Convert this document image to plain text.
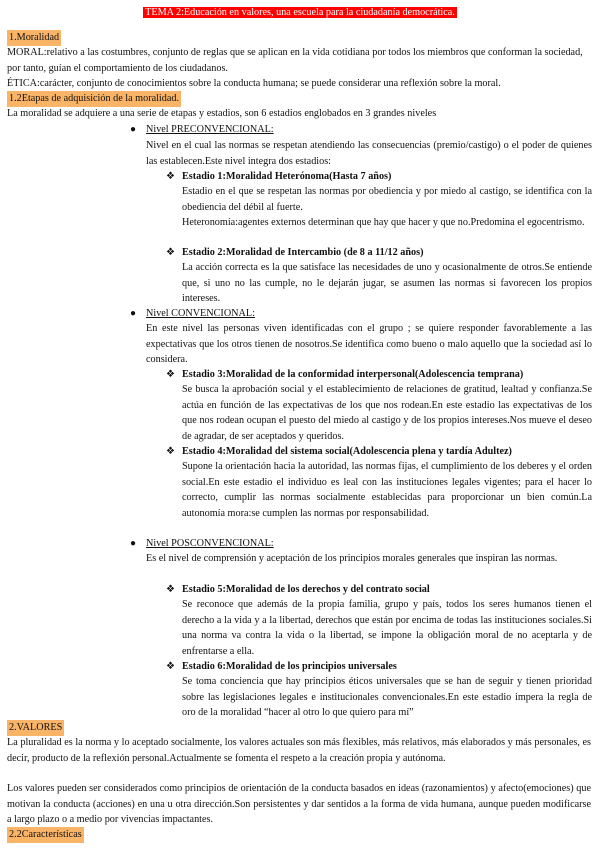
TEMA 2:Educación en valores, una escuela para la ciudadanía democrática.
1.Moralidad

MORAL:relativo a las costumbres, conjunto de reglas que se aplican en la vida cotidiana por todos los miembros que conforman la sociedad, por tanto, guían el comportamiento de los ciudadanos.

ÉTICA:carácter, conjunto de conocimientos sobre la conducta humana; se puede considerar una reflexión sobre la moral.

1.2Etapas de adquisición de la moralidad.

La moralidad se adquiere a una serie de etapas y estadios, son 6 estadios englobados en 3 grandes niveles

● Nivel PRECONVENCIONAL:
Nivel en el cual las normas se respetan atendiendo las consecuencias (premio/castigo) o el poder de quienes las establecen.Este nivel integra dos estadios:
❖ Estadio 1:Moralidad Heterónoma(Hasta 7 años)
Estadio en el que se respetan las normas por obediencia y por miedo al castigo, se identifica con la obediencia del débil al fuerte.
Heteronomía:agentes externos determinan que hay que hacer y que no.Predomina el egocentrismo.
❖ Estadio 2:Moralidad de Intercambio (de 8 a 11/12 años)
La acción correcta es la que satisface las necesidades de uno y ocasionalmente de otros.Se entiende que, si uno no las cumple, no le dejarán jugar, se asumen las normas si favorecen los propios intereses.
● Nivel CONVENCIONAL:
En este nivel las personas viven identificadas con el grupo ; se quiere responder favorablemente a las expectativas que los otros tienen de nosotros.Se identifica como bueno o malo aquello que la sociedad así lo considera.
❖ Estadio 3:Moralidad de la conformidad interpersonal(Adolescencia temprana)
Se busca la aprobación social y el establecimiento de relaciones de gratitud, lealtad y confianza.Se actúa en función de las expectativas de los que nos rodean.En este estadio las expectativas de los que nos rodean ocupan el puesto del miedo al castigo y de los propios intereses.Nos mueve el deseo de agradar, de ser aceptados y queridos.
❖ Estadio 4:Moralidad del sistema social(Adolescencia plena y tardía Adultez)
Supone la orientación hacia la autoridad, las normas fijas, el cumplimiento de los deberes y el orden social.En este estadio el individuo es leal con las instituciones legales vigentes; para el hacer lo correcto, cumplir las normas socialmente establecidas para proporcionar un bien común.La autonomía mora:se cumplen las normas por responsabilidad.
● Nivel POSCONVENCIONAL:
Es el nivel de comprensión y aceptación de los principios morales generales que inspiran las normas.
❖ Estadio 5:Moralidad de los derechos y del contrato social
Se reconoce que además de la propia familia, grupo y país, todos los seres humanos tienen el derecho a la vida y a la libertad, derechos que están por encima de todas las instituciones sociales.Si una norma va contra la vida o la libertad, se impone la obligación moral de no aceptarla y de enfrentarse a ella.
❖ Estadio 6:Moralidad de los principios universales
Se toma conciencia que hay principios éticos universales que se han de seguir y tienen prioridad sobre las legislaciones legales e institucionales convencionales.En este estadio impera la regla de oro de la moralidad “hacer al otro lo que quiero para mí”
2.VALORES

La pluralidad es la norma y lo aceptado socialmente, los valores actuales son más flexibles, más relativos, más elaborados y más personales, es decir, producto de la reflexión personal.Actualmente se fomenta el respeto a la creación propia y autónoma.

Los valores pueden ser considerados como principios de orientación de la conducta basados en ideas (razonamientos) y afecto(emociones) que motivan la conducta (acciones) en una u otra dirección.Son persistentes y dar sentidos a la forma de vida humana, aunque pueden modificarse a largo plazo o a medio por vivencias impactantes.

2.2Características
